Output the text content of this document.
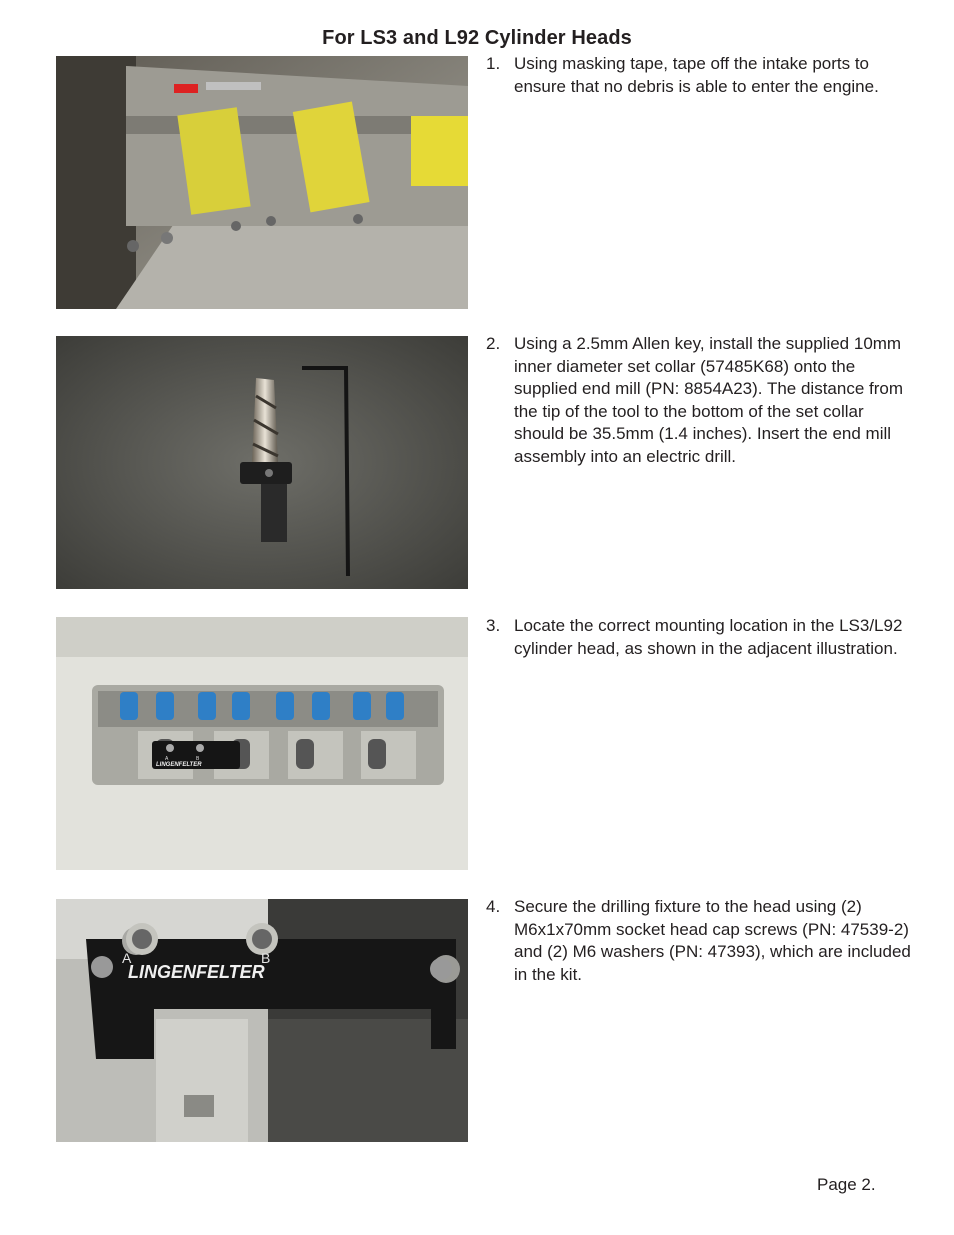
For LS3 and L92 Cylinder Heads
1. Using masking tape, tape off the intake ports to ensure that no debris is able to enter the engine.
2. Using a 2.5mm Allen key, install the supplied 10mm inner diameter set collar (57485K68) onto the supplied end mill (PN: 8854A23). The distance from the tip of the tool to the bottom of the set collar should be 35.5mm (1.4 inches). Insert the end mill assembly into an electric drill.
A	B
LINGENFELTER
3. Locate the correct mounting location in the LS3/L92 cylinder head, as shown in the adjacent illustration.
A	B
LINGENFELTER
4. Secure the drilling fixture to the head using (2) M6x1x70mm socket head cap screws (PN: 47539-2) and (2) M6 washers (PN: 47393), which are included in the kit.
Page 2.
